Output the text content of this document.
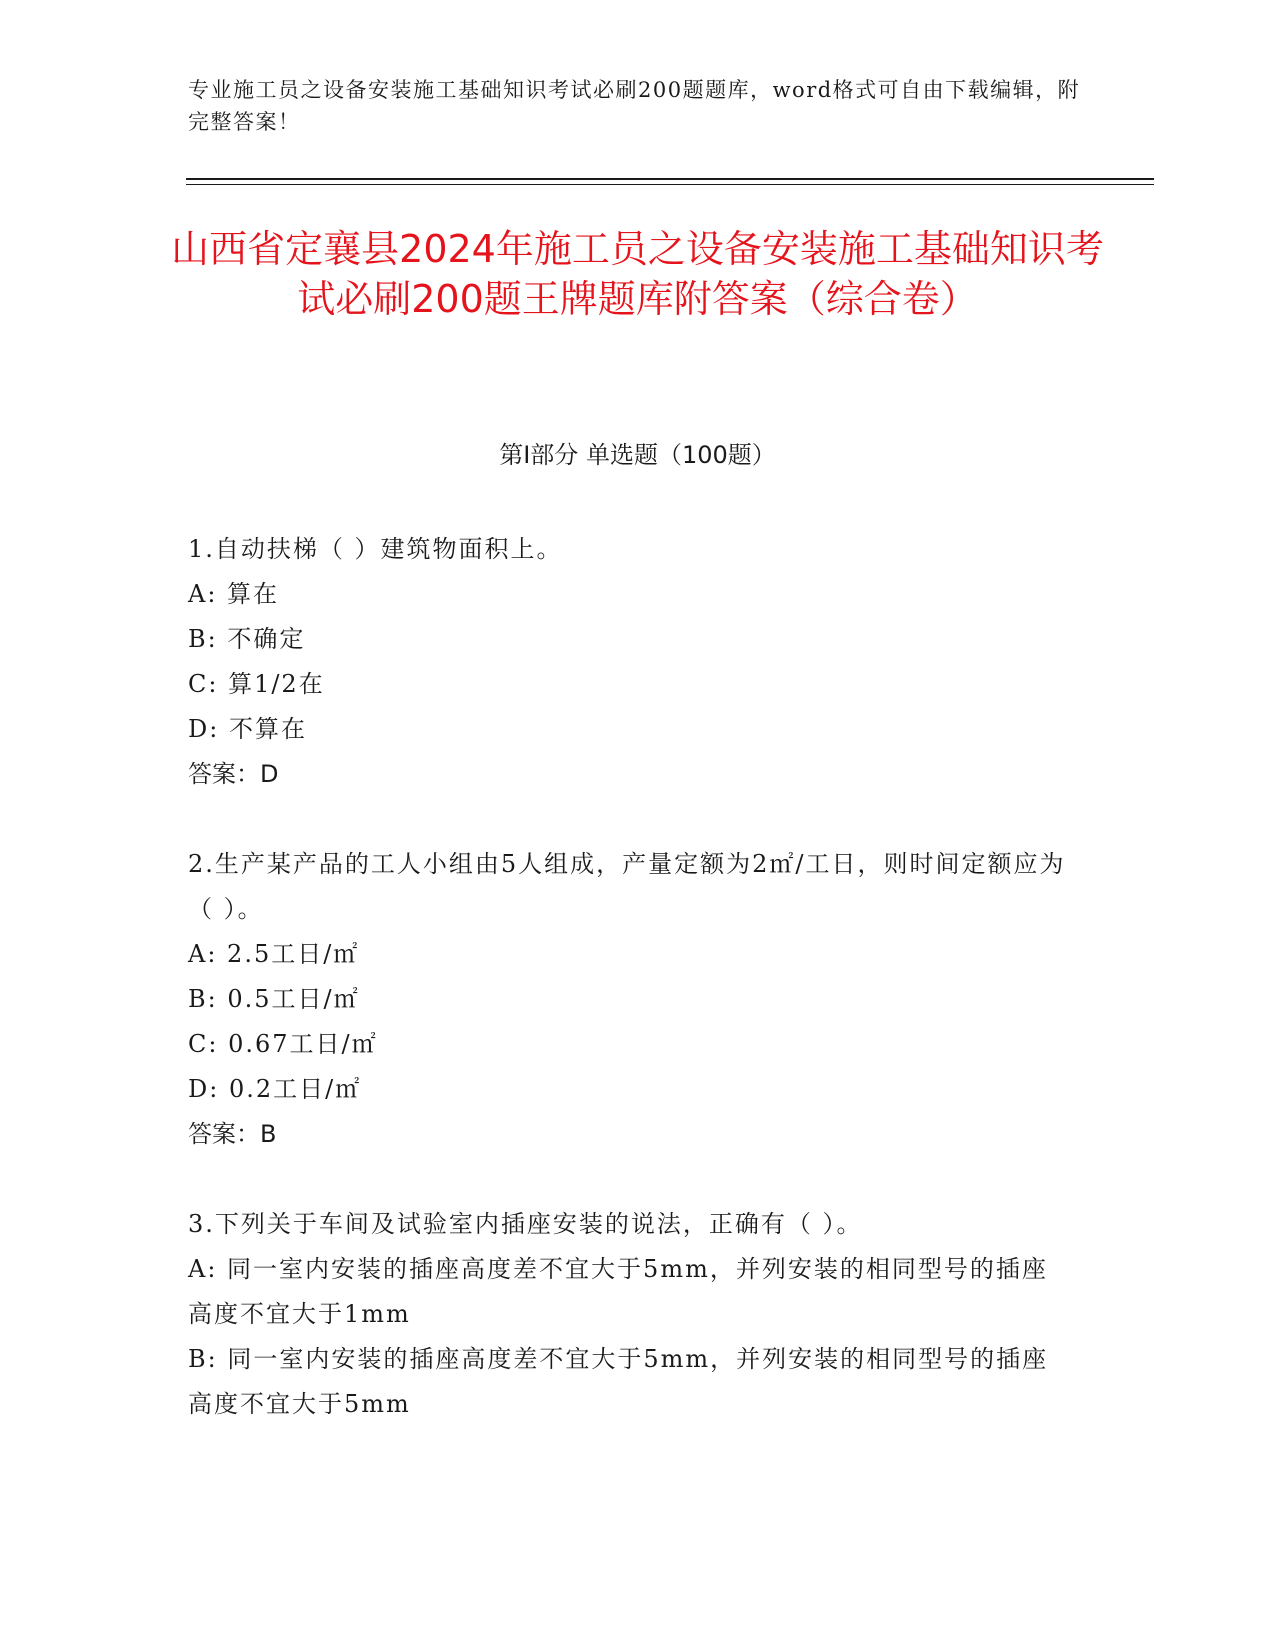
专业施工员之设备安装施工基础知识考试必刷200题题库，word格式可自由下载编辑，附完整答案！
山西省定襄县2024年施工员之设备安装施工基础知识考试必刷200题王牌题库附答案（综合卷）
第Ⅰ部分 单选题（100题）
1.自动扶梯（ ）建筑物面积上。
A: 算在
B: 不确定
C: 算1/2在
D: 不算在
答案：D
2.生产某产品的工人小组由5人组成，产量定额为2㎡/工日，则时间定额应为（ ）。
A: 2.5工日/㎡
B: 0.5工日/㎡
C: 0.67工日/㎡
D: 0.2工日/㎡
答案：B
3.下列关于车间及试验室内插座安装的说法，正确有（ ）。
A: 同一室内安装的插座高度差不宜大于5mm，并列安装的相同型号的插座高度不宜大于1mm
B: 同一室内安装的插座高度差不宜大于5mm，并列安装的相同型号的插座高度不宜大于5mm
